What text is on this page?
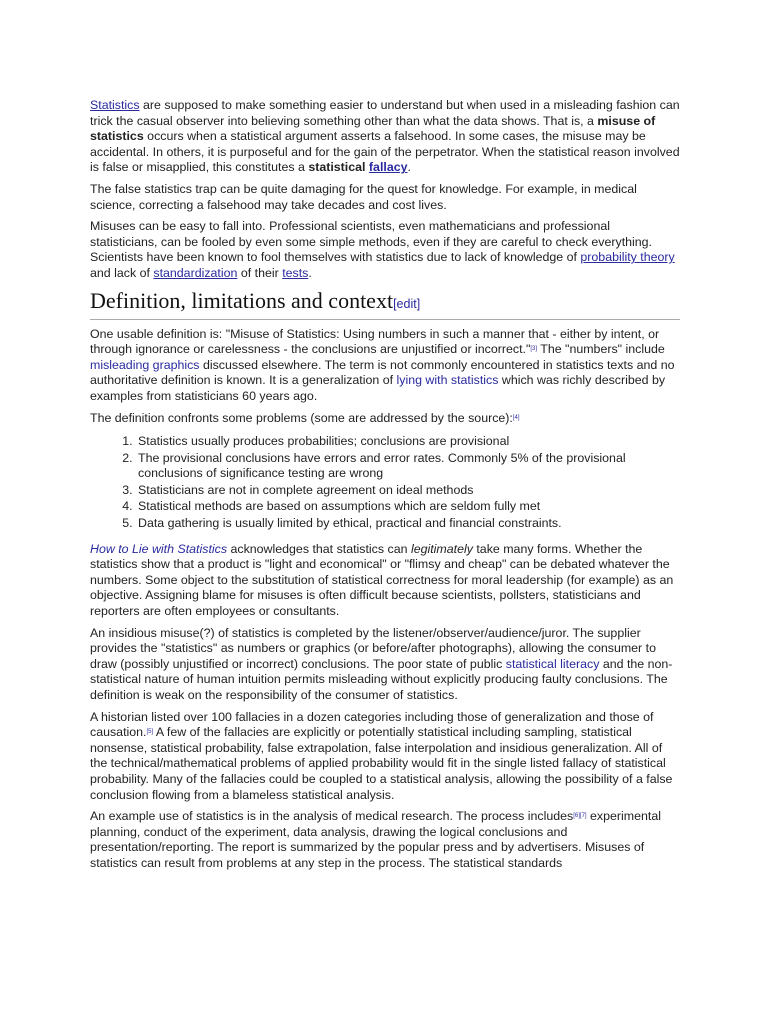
Statistics are supposed to make something easier to understand but when used in a misleading fashion can trick the casual observer into believing something other than what the data shows. That is, a misuse of statistics occurs when a statistical argument asserts a falsehood. In some cases, the misuse may be accidental. In others, it is purposeful and for the gain of the perpetrator. When the statistical reason involved is false or misapplied, this constitutes a statistical fallacy.

The false statistics trap can be quite damaging for the quest for knowledge. For example, in medical science, correcting a falsehood may take decades and cost lives.

Misuses can be easy to fall into. Professional scientists, even mathematicians and professional statisticians, can be fooled by even some simple methods, even if they are careful to check everything. Scientists have been known to fool themselves with statistics due to lack of knowledge of probability theory and lack of standardization of their tests.

Definition, limitations and context[edit]

One usable definition is: "Misuse of Statistics: Using numbers in such a manner that - either by intent, or through ignorance or carelessness - the conclusions are unjustified or incorrect."[3] The "numbers" include misleading graphics discussed elsewhere. The term is not commonly encountered in statistics texts and no authoritative definition is known. It is a generalization of lying with statistics which was richly described by examples from statisticians 60 years ago.

The definition confronts some problems (some are addressed by the source):[4]

1. Statistics usually produces probabilities; conclusions are provisional
2. The provisional conclusions have errors and error rates. Commonly 5% of the provisional conclusions of significance testing are wrong
3. Statisticians are not in complete agreement on ideal methods
4. Statistical methods are based on assumptions which are seldom fully met
5. Data gathering is usually limited by ethical, practical and financial constraints.

How to Lie with Statistics acknowledges that statistics can legitimately take many forms. Whether the statistics show that a product is "light and economical" or "flimsy and cheap" can be debated whatever the numbers. Some object to the substitution of statistical correctness for moral leadership (for example) as an objective. Assigning blame for misuses is often difficult because scientists, pollsters, statisticians and reporters are often employees or consultants.

An insidious misuse(?) of statistics is completed by the listener/observer/audience/juror. The supplier provides the "statistics" as numbers or graphics (or before/after photographs), allowing the consumer to draw (possibly unjustified or incorrect) conclusions. The poor state of public statistical literacy and the non-statistical nature of human intuition permits misleading without explicitly producing faulty conclusions. The definition is weak on the responsibility of the consumer of statistics.

A historian listed over 100 fallacies in a dozen categories including those of generalization and those of causation.[5] A few of the fallacies are explicitly or potentially statistical including sampling, statistical nonsense, statistical probability, false extrapolation, false interpolation and insidious generalization. All of the technical/mathematical problems of applied probability would fit in the single listed fallacy of statistical probability. Many of the fallacies could be coupled to a statistical analysis, allowing the possibility of a false conclusion flowing from a blameless statistical analysis.

An example use of statistics is in the analysis of medical research. The process includes[6][7] experimental planning, conduct of the experiment, data analysis, drawing the logical conclusions and presentation/reporting. The report is summarized by the popular press and by advertisers. Misuses of statistics can result from problems at any step in the process. The statistical standards
